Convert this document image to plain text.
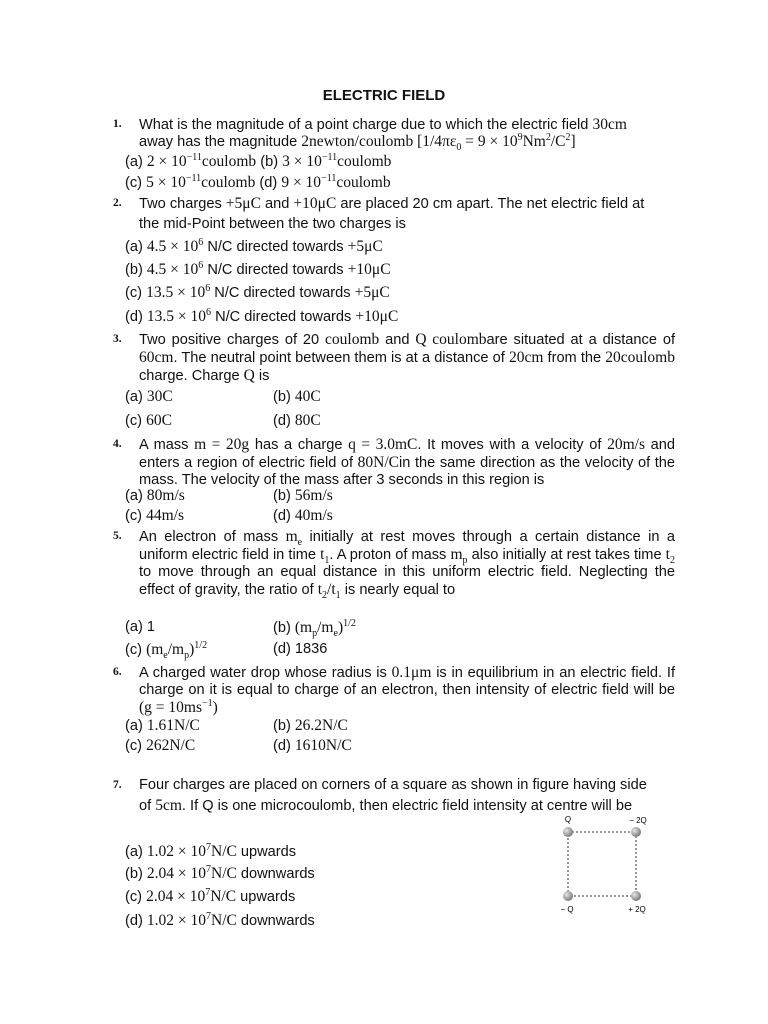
ELECTRIC FIELD
1. What is the magnitude of a point charge due to which the electric field 30cm
away has the magnitude 2newton/coulomb $[1/4\pi\varepsilon_0 = 9 \times 10^9Nm^2/C^2]$
(a) $2 \times 10^{-11}coulomb$ (b) $3 \times 10^{-11}coulomb$
(c) $5 \times 10^{-11}coulomb$ (d) $9 \times 10^{-11}coulomb$
2. Two charges +5μC and +10μC are placed 20 cm apart. The net electric field at
the mid-Point between the two charges is
(a) $4.5 \times 10^6$ N/C directed towards +5μC
(b) $4.5 \times 10^6$ N/C directed towards +10μC
(c) $13.5 \times 10^6$ N/C directed towards +5μC
(d) $13.5 \times 10^6$ N/C directed towards +10μC
3. Two positive charges of 20 coulomb and Q coulombare situated at a distance of 60cm. The neutral point between them is at a distance of 20cm from the 20coulomb charge. Charge Q is
(a) 30C	(b) 40C
(c) 60C	(d) 80C
4. A mass m = 20g has a charge q = 3.0mC. It moves with a velocity of 20m/s and enters a region of electric field of 80N/Cin the same direction as the velocity of the mass. The velocity of the mass after 3 seconds in this region is
(a) 80m/s	(b) 56m/s
(c) 44m/s	(d) 40m/s
5. An electron of mass $m_e$ initially at rest moves through a certain distance in a uniform electric field in time $t_1$. A proton of mass $m_p$ also initially at rest takes time $t_2$ to move through an equal distance in this uniform electric field. Neglecting the effect of gravity, the ratio of $t_2/t_1$ is nearly equal to
(a) 1	(b) $(m_p/m_e)^{1/2}$
(c) $(m_e/m_p)^{1/2}$	(d) 1836
6. A charged water drop whose radius is 0.1μm is in equilibrium in an electric field. If charge on it is equal to charge of an electron, then intensity of electric field will be $(g = 10ms^{-1})$
(a) 1.61N/C	(b) 26.2N/C
(c) 262N/C	(d) 1610N/C
7. Four charges are placed on corners of a square as shown in figure having side
of 5cm. If Q is one microcoulomb, then electric field intensity at centre will be
(a) $1.02 \times 10^7N/C$ upwards
(b) $2.04 \times 10^7N/C$ downwards
(c) $2.04 \times 10^7N/C$ upwards
(d) $1.02 \times 10^7N/C$ downwards
Q	− 2Q
− Q	+ 2Q
